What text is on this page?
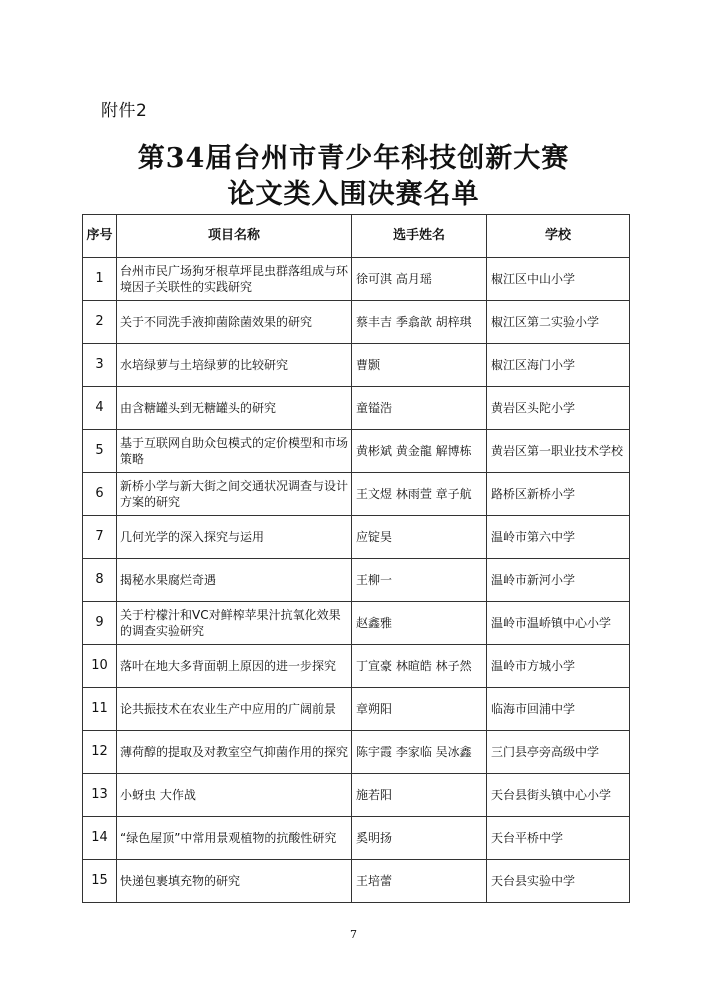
附件2
第34届台州市青少年科技创新大赛
论文类入围决赛名单
序号	项目名称	选手姓名	学校
1	台州市民广场狗牙根草坪昆虫群落组成与环境因子关联性的实践研究	徐可淇 高月瑶	椒江区中山小学
2	关于不同洗手液抑菌除菌效果的研究	蔡丰吉 季翕歆 胡梓琪	椒江区第二实验小学
3	水培绿萝与土培绿萝的比较研究	曹颢	椒江区海门小学
4	由含糖罐头到无糖罐头的研究	童镒浩	黄岩区头陀小学
5	基于互联网自助众包模式的定价模型和市场策略	黄彬斌 黄金龍 解博栋	黄岩区第一职业技术学校
6	新桥小学与新大街之间交通状况调查与设计方案的研究	王文煜 林雨萱 章子航	路桥区新桥小学
7	几何光学的深入探究与运用	应锭昊	温岭市第六中学
8	揭秘水果腐烂奇遇	王柳一	温岭市新河小学
9	关于柠檬汁和VC对鲜榨苹果汁抗氧化效果的调查实验研究	赵鑫雅	温岭市温峤镇中心小学
10	落叶在地大多背面朝上原因的进一步探究	丁宣豪 林暄皓 林子然	温岭市方城小学
11	论共振技术在农业生产中应用的广阔前景	章朔阳	临海市回浦中学
12	薄荷醇的提取及对教室空气抑菌作用的探究	陈宇霞 李家临 吴冰鑫	三门县亭旁高级中学
13	小蚜虫 大作战	施若阳	天台县街头镇中心小学
14	“绿色屋顶”中常用景观植物的抗酸性研究	奚明扬	天台平桥中学
15	快递包裹填充物的研究	王培蕾	天台县实验中学
7
